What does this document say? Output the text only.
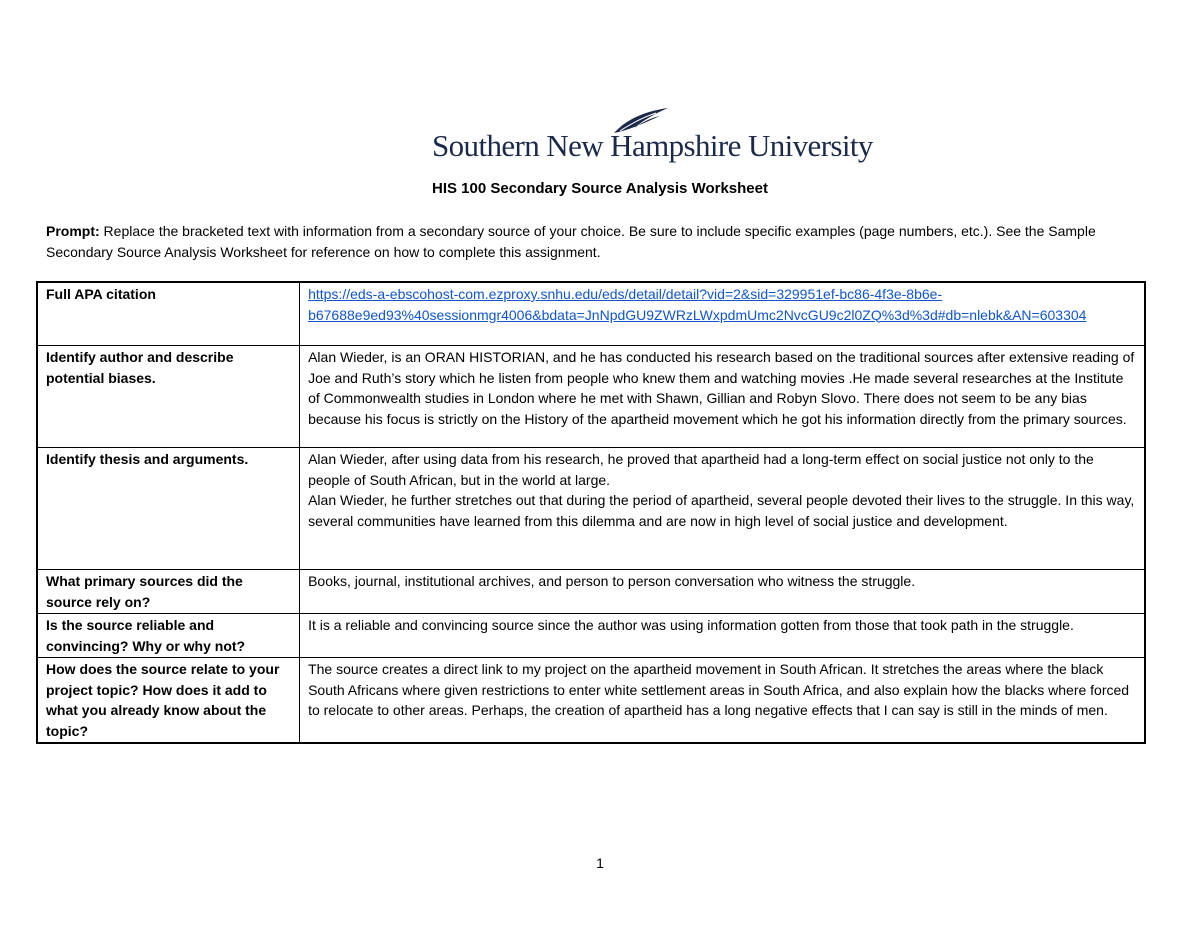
Southern New Hampshire University
HIS 100 Secondary Source Analysis Worksheet
Prompt: Replace the bracketed text with information from a secondary source of your choice. Be sure to include specific examples (page numbers, etc.). See the Sample Secondary Source Analysis Worksheet for reference on how to complete this assignment.
Full APA citation	https://eds-a-ebscohost-com.ezproxy.snhu.edu/eds/detail/detail?vid=2&sid=329951ef-bc86-4f3e-8b6e-
b67688e9ed93%40sessionmgr4006&bdata=JnNpdGU9ZWRzLWxpdmUmc2NvcGU9c2l0ZQ%3d%3d#db=nlebk&AN=603304
Identify author and describe potential biases.	Alan Wieder, is an ORAN HISTORIAN, and he has conducted his research based on the traditional sources after extensive reading of Joe and Ruth’s story which he listen from people who knew them and watching movies .He made several researches at the Institute of Commonwealth studies in London where he met with Shawn, Gillian and Robyn Slovo. There does not seem to be any bias because his focus is strictly on the History of the apartheid movement which he got his information directly from the primary sources.
Identify thesis and arguments.	Alan Wieder, after using data from his research, he proved that apartheid had a long-term effect on social justice not only to the people of South African, but in the world at large.
Alan Wieder, he further stretches out that during the period of apartheid, several people devoted their lives to the struggle. In this way, several communities have learned from this dilemma and are now in high level of social justice and development.

What primary sources did the source rely on?	Books, journal, institutional archives, and person to person conversation who witness the struggle.
Is the source reliable and convincing? Why or why not?	It is a reliable and convincing source since the author was using information gotten from those that took path in the struggle.
How does the source relate to your project topic? How does it add to what you already know about the topic?	The source creates a direct link to my project on the apartheid movement in South African. It stretches the areas where the black South Africans where given restrictions to enter white settlement areas in South Africa, and also explain how the blacks where forced to relocate to other areas. Perhaps, the creation of apartheid has a long negative effects that I can say is still in the minds of men.
1
